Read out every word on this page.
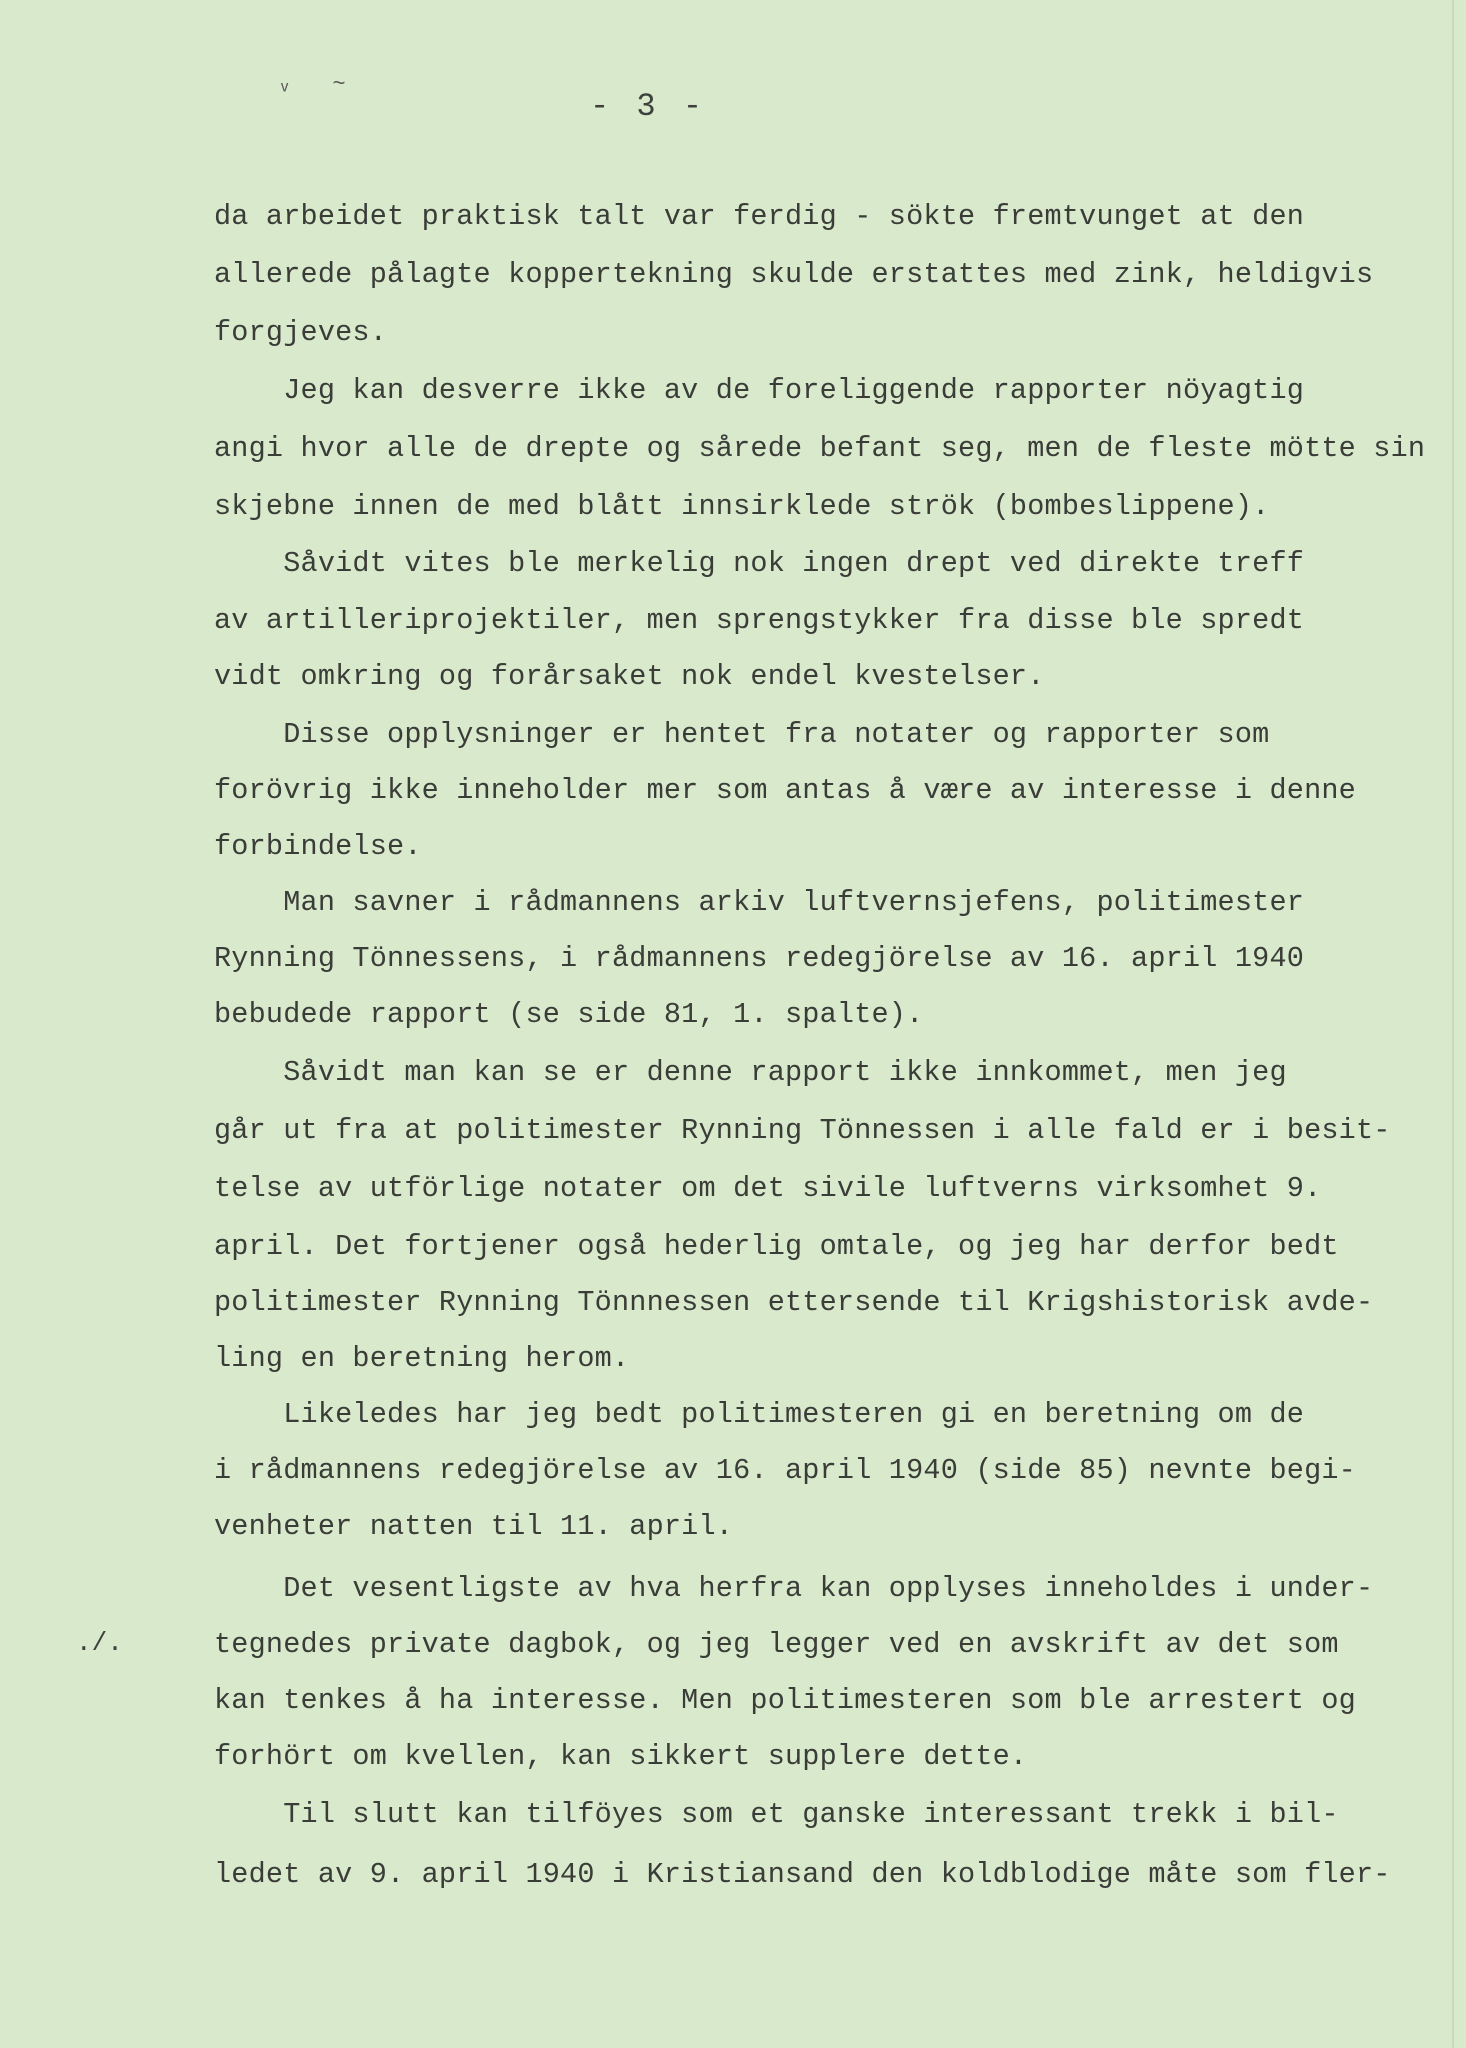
ᵥ ~
- 3 -
./.
da arbeidet praktisk talt var ferdig - sökte fremtvunget at den
allerede pålagte koppertekning skulde erstattes med zink, heldigvis
forgjeves.
Jeg kan desverre ikke av de foreliggende rapporter nöyagtig
angi hvor alle de drepte og sårede befant seg, men de fleste mötte sin
skjebne innen de med blått innsirklede strök (bombeslippene).
Såvidt vites ble merkelig nok ingen drept ved direkte treff
av artilleriprojektiler, men sprengstykker fra disse ble spredt
vidt omkring og forårsaket nok endel kvestelser.
Disse opplysninger er hentet fra notater og rapporter som
forövrig ikke inneholder mer som antas å være av interesse i denne
forbindelse.
Man savner i rådmannens arkiv luftvernsjefens, politimester
Rynning Tönnessens, i rådmannens redegjörelse av 16. april 1940
bebudede rapport (se side 81, 1. spalte).
Såvidt man kan se er denne rapport ikke innkommet, men jeg
går ut fra at politimester Rynning Tönnessen i alle fald er i besit-
telse av utförlige notater om det sivile luftverns virksomhet 9.
april. Det fortjener også hederlig omtale, og jeg har derfor bedt
politimester Rynning Tönnnessen ettersende til Krigshistorisk avde-
ling en beretning herom.
Likeledes har jeg bedt politimesteren gi en beretning om de
i rådmannens redegjörelse av 16. april 1940 (side 85) nevnte begi-
venheter natten til 11. april.
Det vesentligste av hva herfra kan opplyses inneholdes i under-
tegnedes private dagbok, og jeg legger ved en avskrift av det som
kan tenkes å ha interesse. Men politimesteren som ble arrestert og
forhört om kvellen, kan sikkert supplere dette.
Til slutt kan tilföyes som et ganske interessant trekk i bil-
ledet av 9. april 1940 i Kristiansand den koldblodige måte som fler-
